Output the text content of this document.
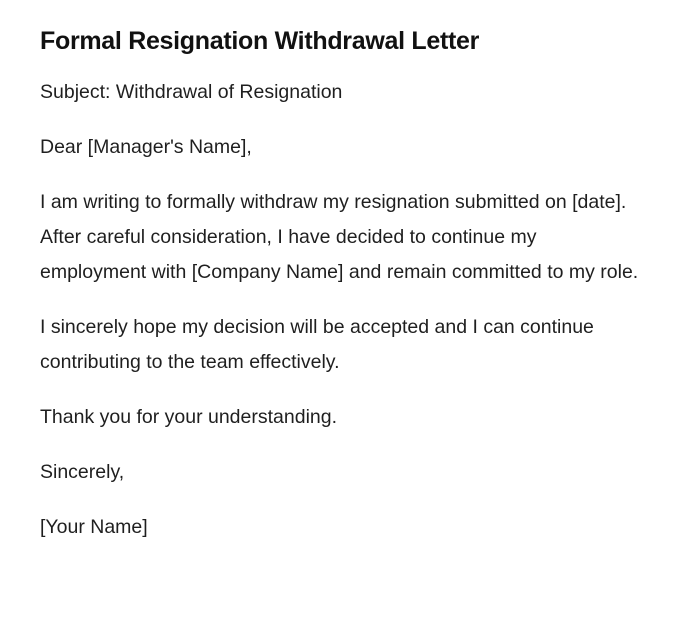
Formal Resignation Withdrawal Letter

Subject: Withdrawal of Resignation

Dear [Manager's Name],

I am writing to formally withdraw my resignation submitted on [date]. After careful consideration, I have decided to continue my employment with [Company Name] and remain committed to my role.

I sincerely hope my decision will be accepted and I can continue contributing to the team effectively.

Thank you for your understanding.

Sincerely,

[Your Name]
